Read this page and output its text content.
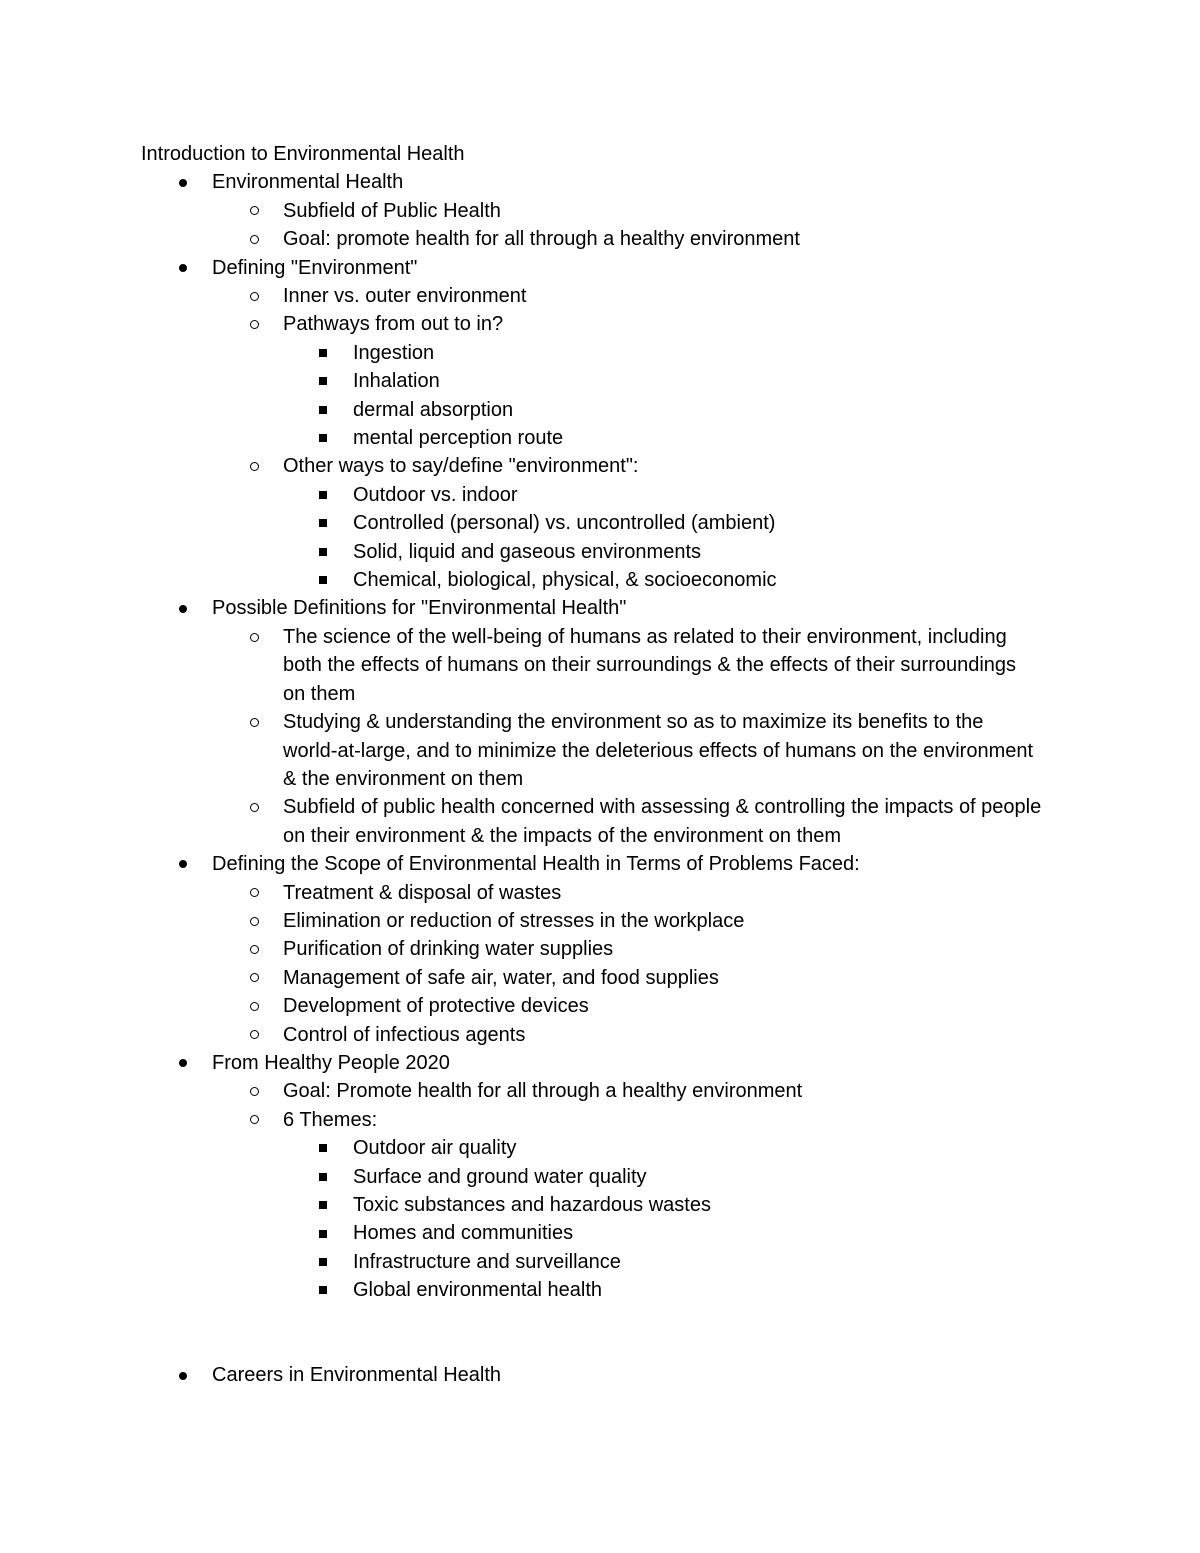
Introduction to Environmental Health
Environmental Health
Subfield of Public Health
Goal: promote health for all through a healthy environment
Defining "Environment"
Inner vs. outer environment
Pathways from out to in?
Ingestion
Inhalation
dermal absorption
mental perception route
Other ways to say/define "environment":
Outdoor vs. indoor
Controlled (personal) vs. uncontrolled (ambient)
Solid, liquid and gaseous environments
Chemical, biological, physical, & socioeconomic
Possible Definitions for "Environmental Health"
The science of the well-being of humans as related to their environment, including both the effects of humans on their surroundings & the effects of their surroundings on them
Studying & understanding the environment so as to maximize its benefits to the world-at-large, and to minimize the deleterious effects of humans on the environment & the environment on them
Subfield of public health concerned with assessing & controlling the impacts of people on their environment & the impacts of the environment on them
Defining the Scope of Environmental Health in Terms of Problems Faced:
Treatment & disposal of wastes
Elimination or reduction of stresses in the workplace
Purification of drinking water supplies
Management of safe air, water, and food supplies
Development of protective devices
Control of infectious agents
From Healthy People 2020
Goal: Promote health for all through a healthy environment
6 Themes:
Outdoor air quality
Surface and ground water quality
Toxic substances and hazardous wastes
Homes and communities
Infrastructure and surveillance
Global environmental health
Careers in Environmental Health
